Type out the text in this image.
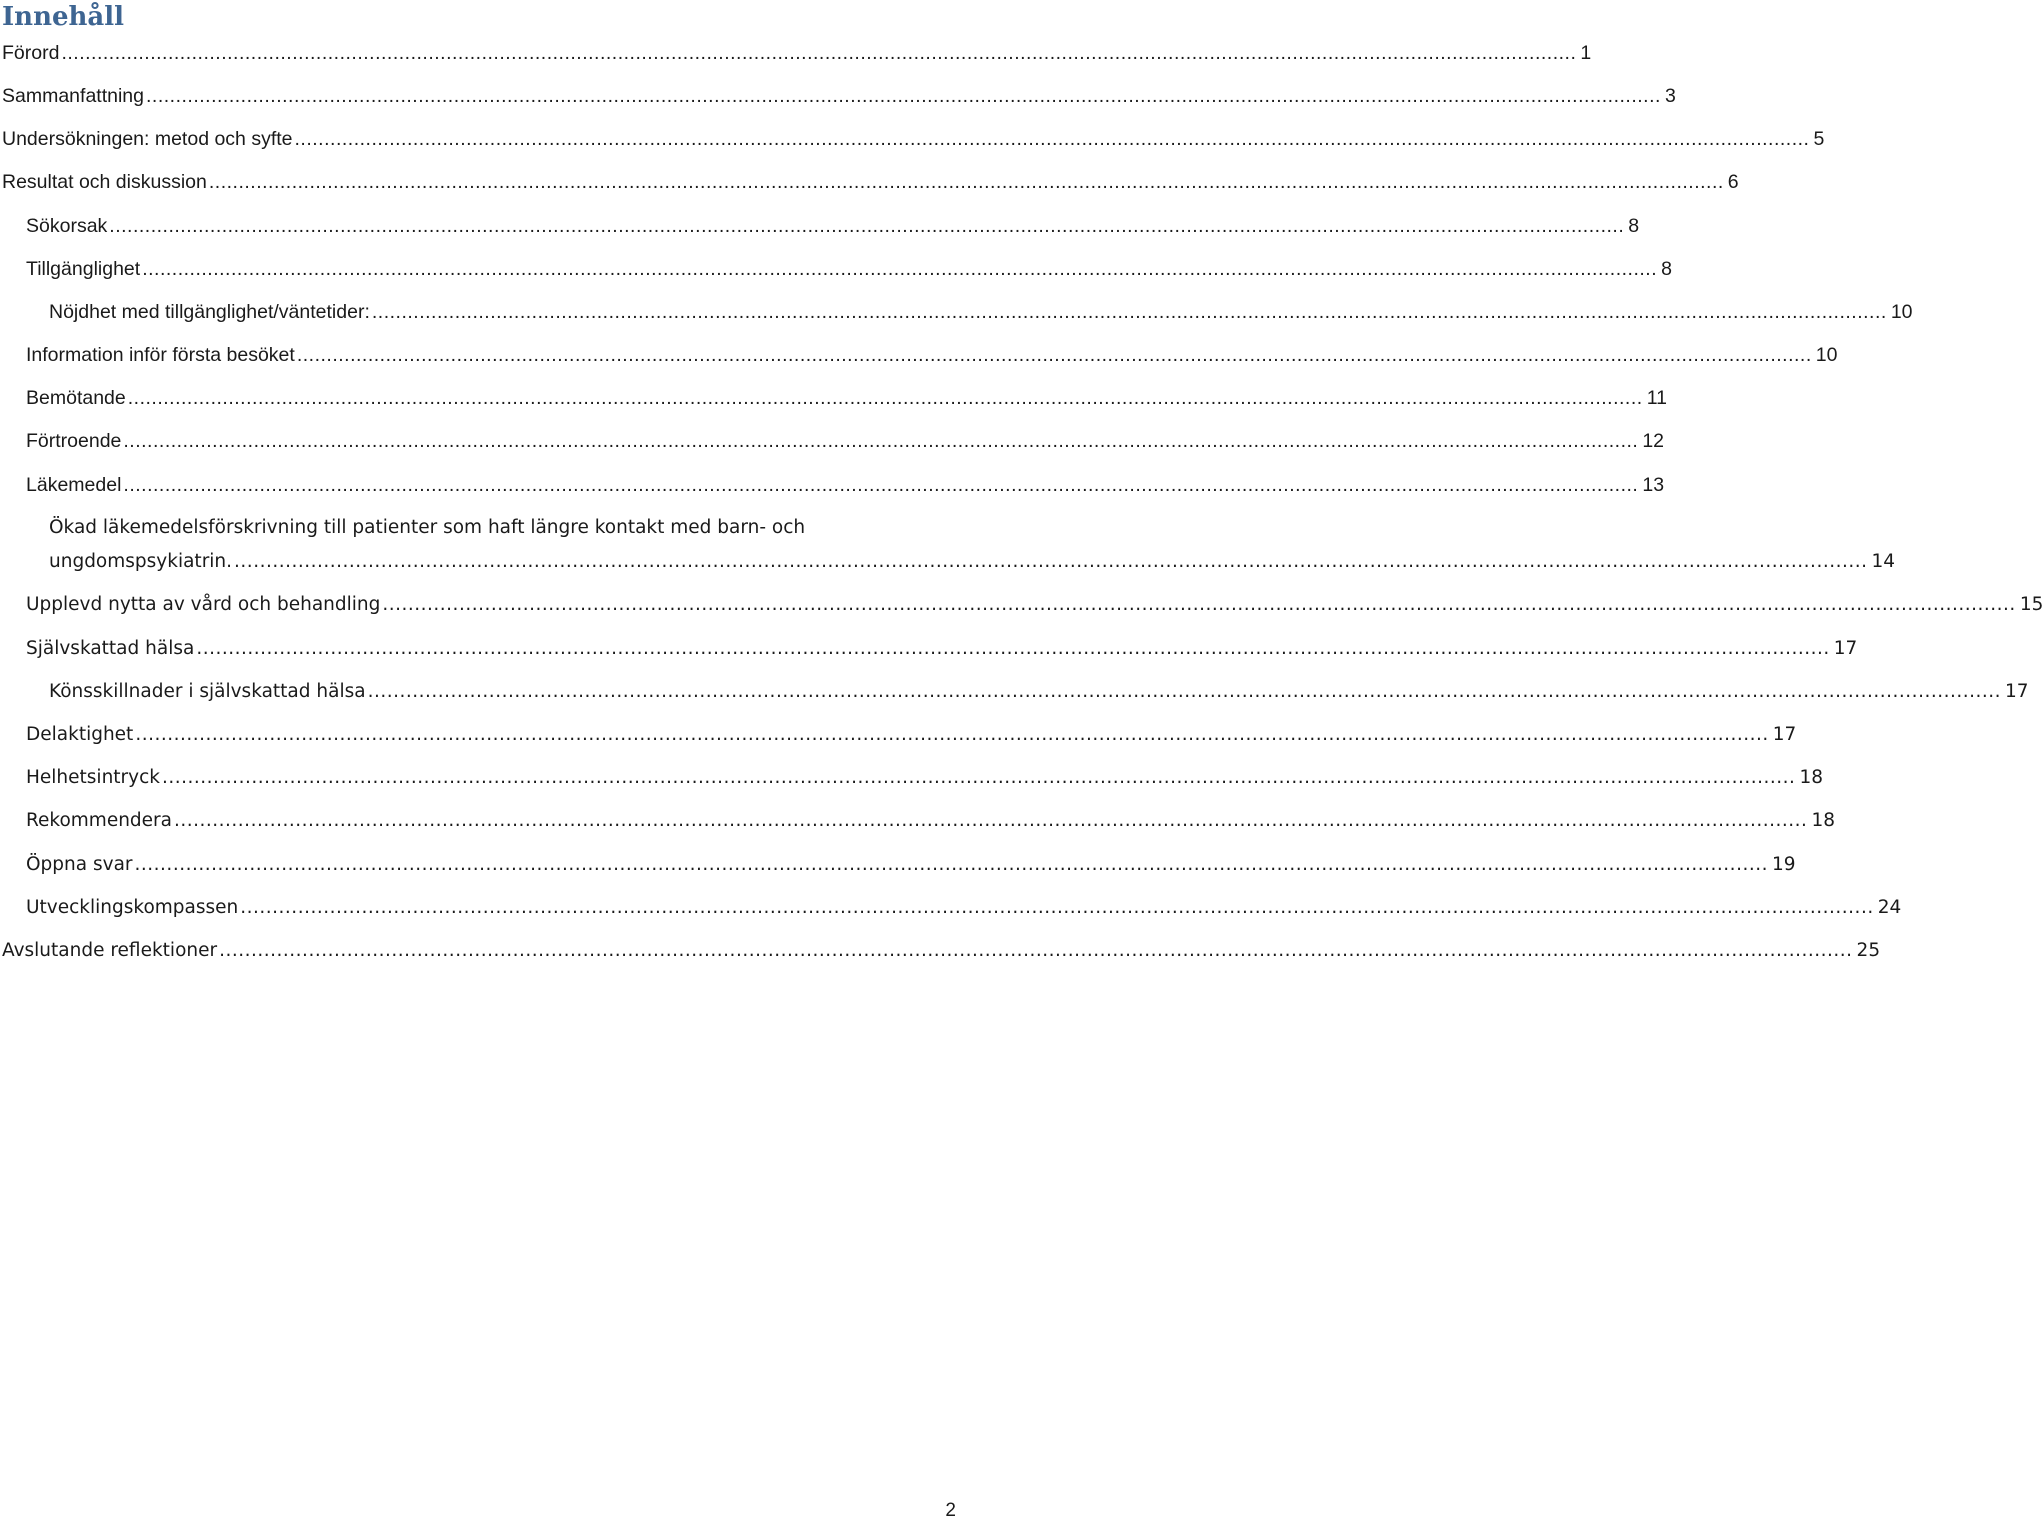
Innehåll
Förord .....	1
Sammanfattning .....	3
Undersökningen: metod och syfte .....	5
Resultat och diskussion .....	6
Sökorsak .....	8
Tillgänglighet .....	8
Nöjdhet med tillgänglighet/väntetider: .....	10
Information inför första besöket .....	10
Bemötande .....	11
Förtroende .....	12
Läkemedel .....	13
Ökad läkemedelsförskrivning till patienter som haft längre kontakt med barn- och
ungdomspsykiatrin. .....	14
Upplevd nytta av vård och behandling .....	15
Självskattad hälsa .....	17
Könsskillnader i självskattad hälsa .....	17
Delaktighet .....	17
Helhetsintryck .....	18
Rekommendera .....	18
Öppna svar .....	19
Utvecklingskompassen .....	24
Avslutande reflektioner .....	25
2
